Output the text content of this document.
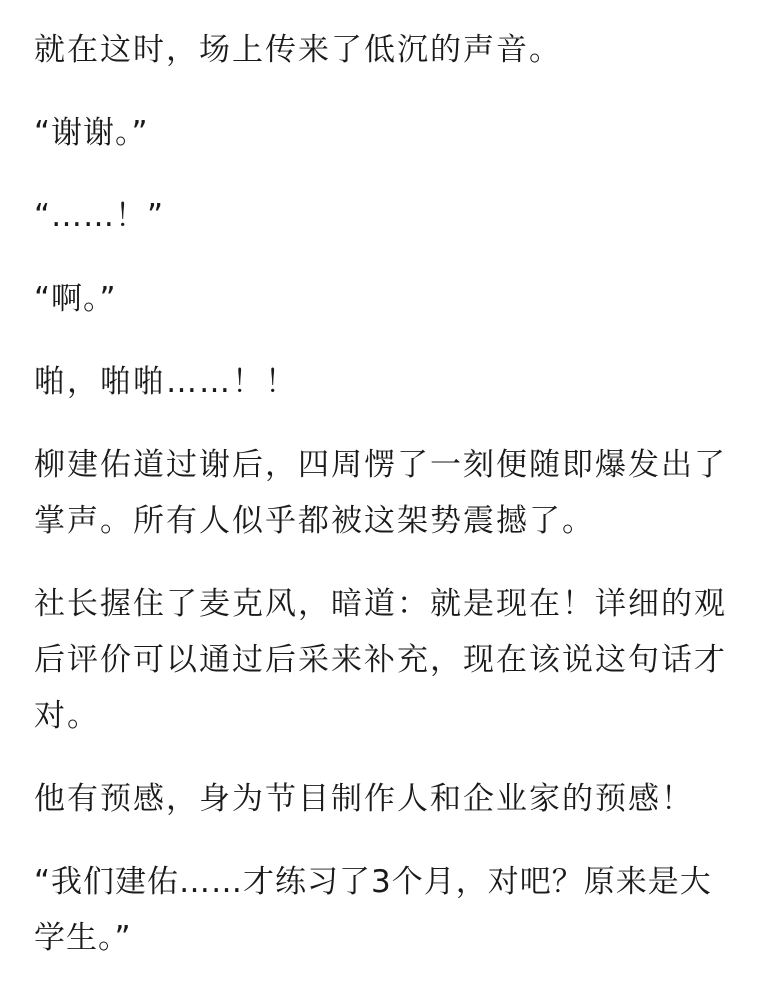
就在这时，场上传来了低沉的声音。

“谢谢。”

“……！”

“啊。”

啪，啪啪……！！

柳建佑道过谢后，四周愣了一刻便随即爆发出了掌声。所有人似乎都被这架势震撼了。

社长握住了麦克风，暗道：就是现在！详细的观后评价可以通过后采来补充，现在该说这句话才对。

他有预感，身为节目制作人和企业家的预感！

“我们建佑……才练习了3个月，对吧？原来是大学生。”
